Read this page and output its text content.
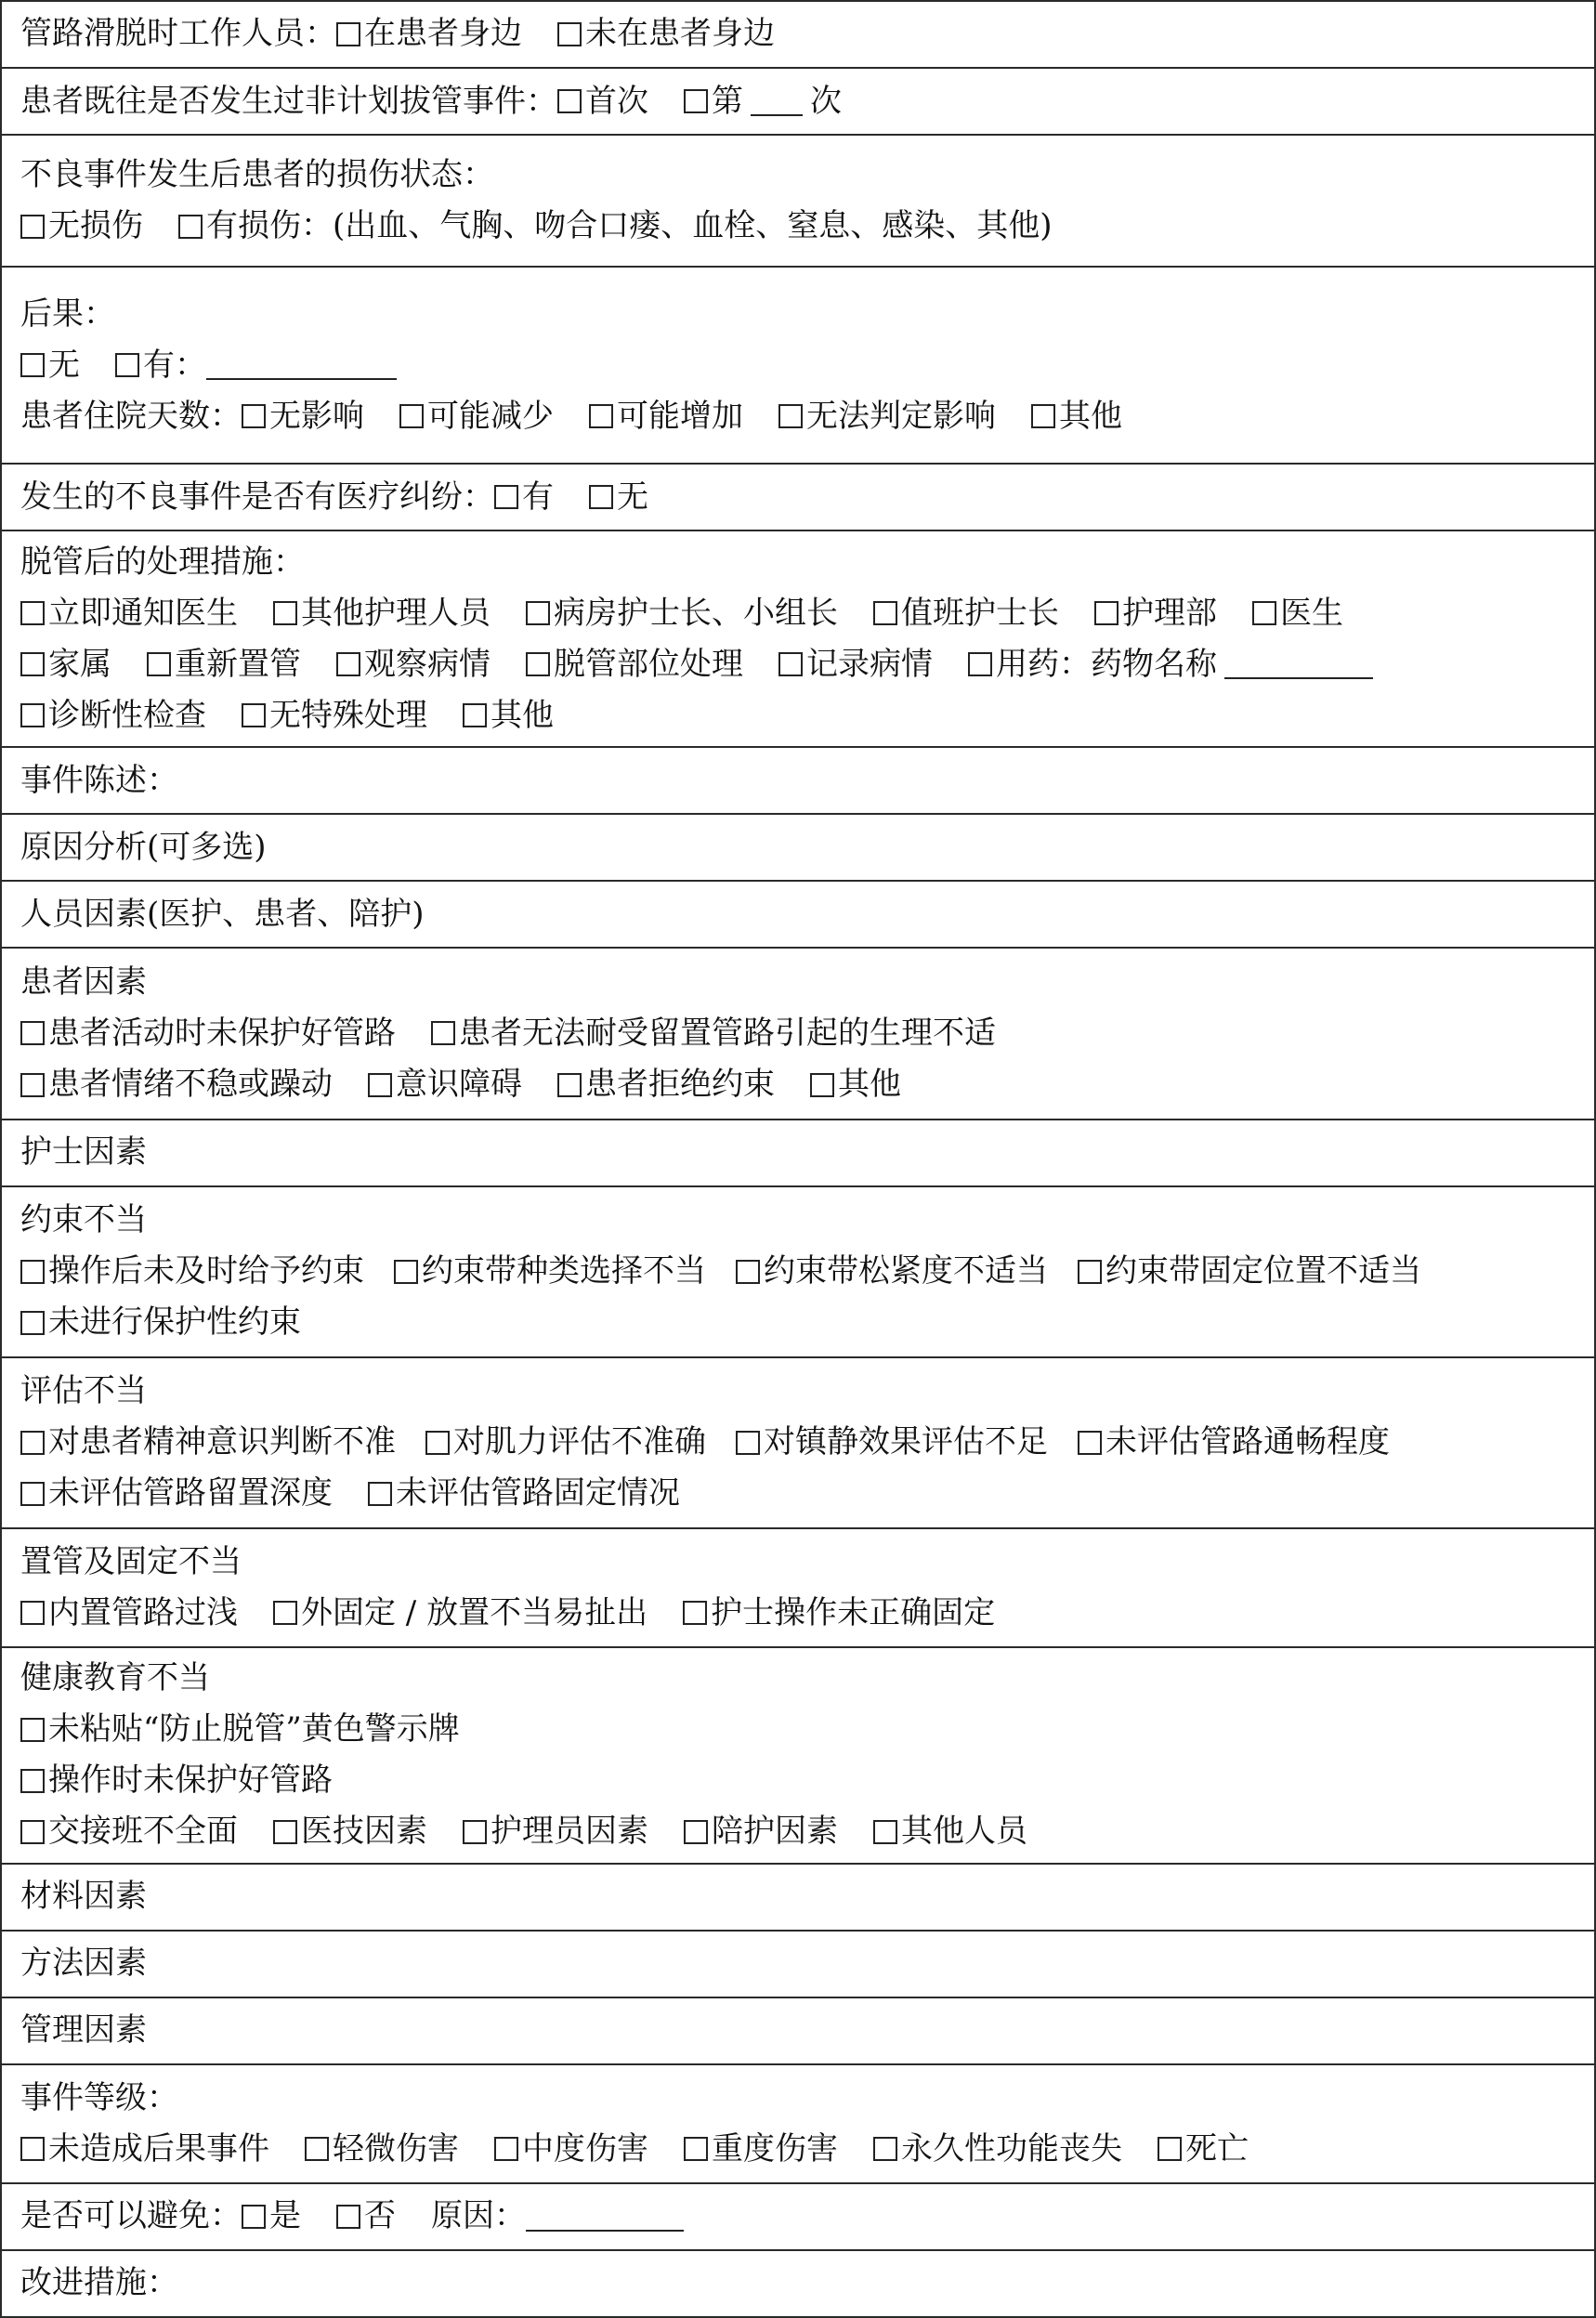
管路滑脱时工作人员： 在患者身边 未在患者身边
患者既往是否发生过非计划拔管事件： 首次 第 次
不良事件发生后患者的损伤状态：
无损伤 有损伤：(出血、气胸、吻合口瘘、血栓、窒息、感染、其他)
后果：
无 有：
患者住院天数： 无影响 可能减少 可能增加 无法判定影响 其他
发生的不良事件是否有医疗纠纷： 有 无
脱管后的处理措施：
立即通知医生 其他护理人员 病房护士长、小组长 值班护士长 护理部 医生
家属 重新置管 观察病情 脱管部位处理 记录病情 用药：药物名称
诊断性检查 无特殊处理 其他
事件陈述：
原因分析(可多选)
人员因素(医护、患者、陪护)
患者因素
患者活动时未保护好管路 患者无法耐受留置管路引起的生理不适
患者情绪不稳或躁动 意识障碍 患者拒绝约束 其他
护士因素
约束不当
操作后未及时给予约束 约束带种类选择不当 约束带松紧度不适当 约束带固定位置不适当
未进行保护性约束
评估不当
对患者精神意识判断不准 对肌力评估不准确 对镇静效果评估不足 未评估管路通畅程度
未评估管路留置深度 未评估管路固定情况
置管及固定不当
内置管路过浅 外固定 / 放置不当易扯出 护士操作未正确固定
健康教育不当
未粘贴“防止脱管”黄色警示牌
操作时未保护好管路
交接班不全面 医技因素 护理员因素 陪护因素 其他人员
材料因素
方法因素
管理因素
事件等级：
未造成后果事件 轻微伤害 中度伤害 重度伤害 永久性功能丧失 死亡
是否可以避免： 是 否 原因：
改进措施：
